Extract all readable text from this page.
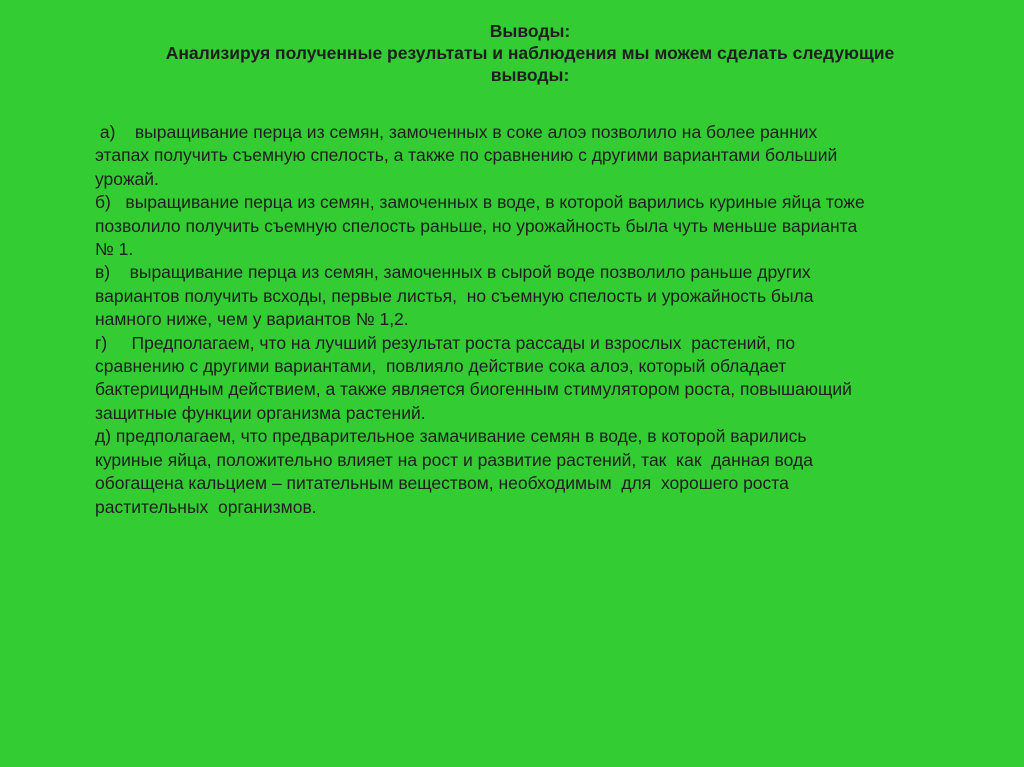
Выводы:
Анализируя полученные результаты и наблюдения мы можем сделать следующие
выводы:
а)    выращивание перца из семян, замоченных в соке алоэ позволило на более ранних
этапах получить съемную спелость, а также по сравнению с другими вариантами больший
урожай.
б)   выращивание перца из семян, замоченных в воде, в которой варились куриные яйца тоже
позволило получить съемную спелость раньше, но урожайность была чуть меньше варианта
№ 1.
в)    выращивание перца из семян, замоченных в сырой воде позволило раньше других
вариантов получить всходы, первые листья,  но съемную спелость и урожайность была
намного ниже, чем у вариантов № 1,2.
г)     Предполагаем, что на лучший результат роста рассады и взрослых  растений, по
сравнению с другими вариантами,  повлияло действие сока алоэ, который обладает
бактерицидным действием, а также является биогенным стимулятором роста, повышающий
защитные функции организма растений.
д) предполагаем, что предварительное замачивание семян в воде, в которой варились
куриные яйца, положительно влияет на рост и развитие растений, так  как  данная вода
обогащена кальцием – питательным веществом, необходимым  для  хорошего роста
растительных  организмов.
